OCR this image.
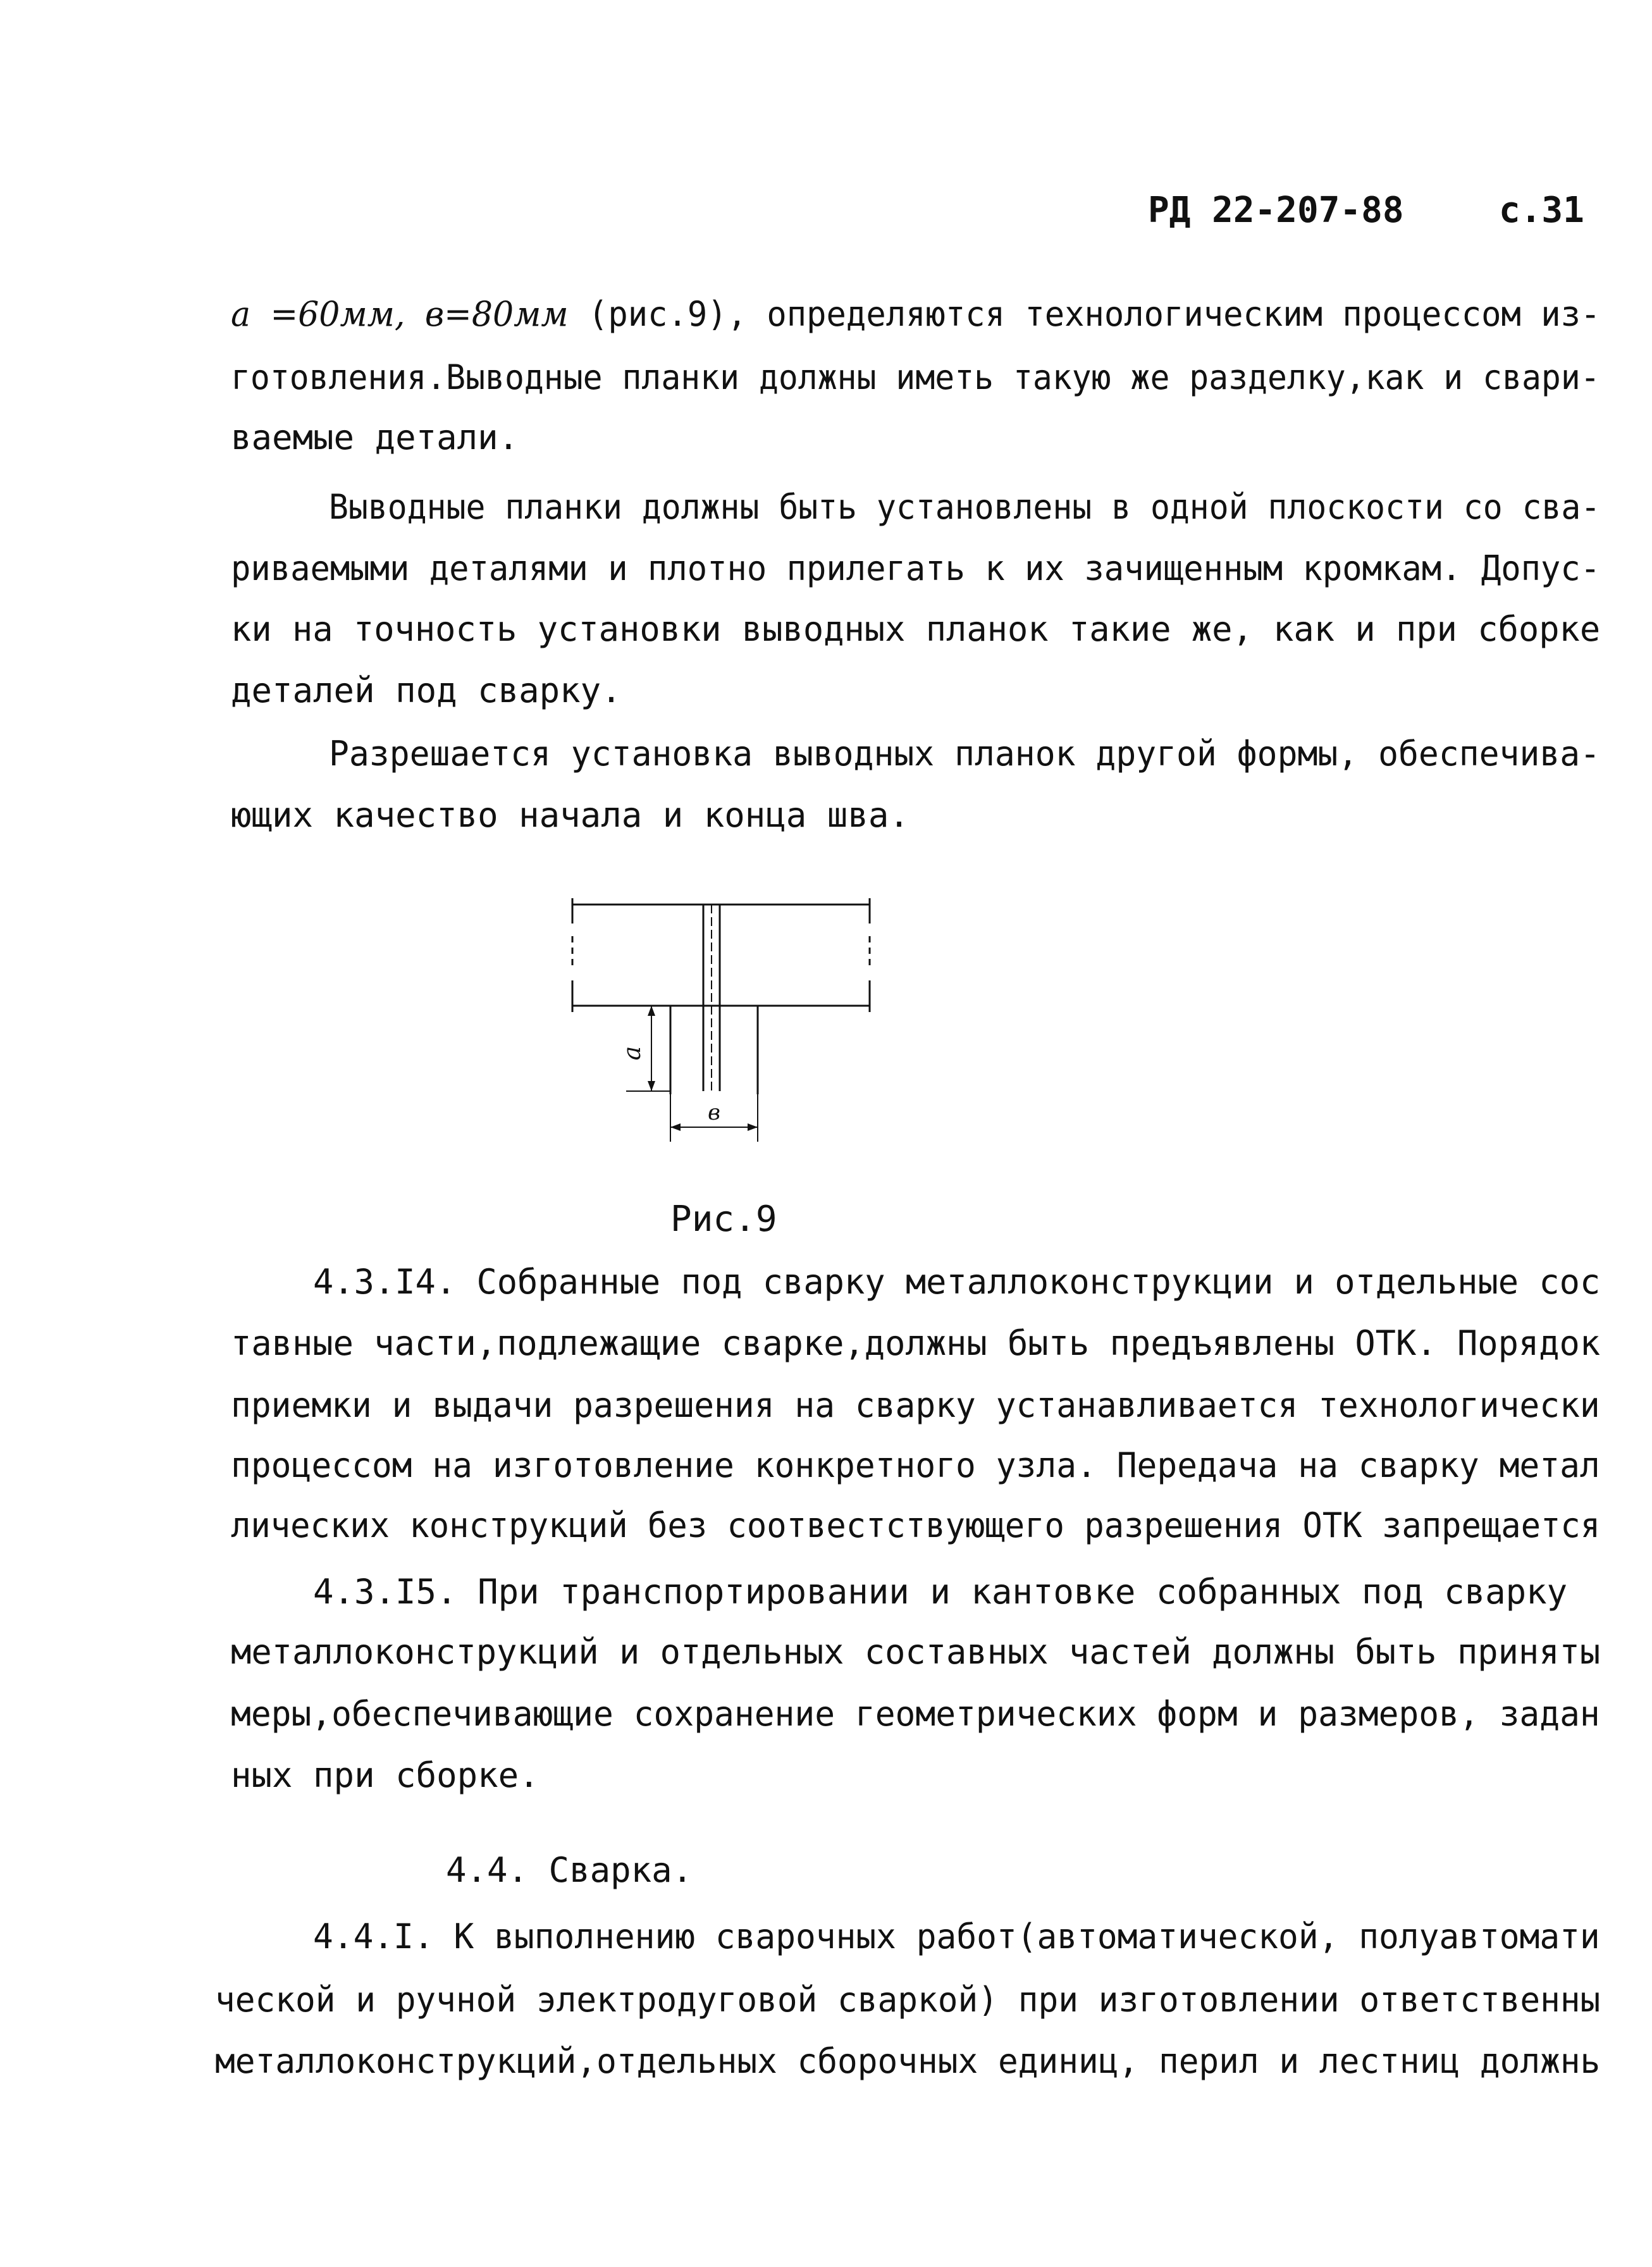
РД 22-207-88	с.31
a =60мм, в=80мм (рис.9), определяются технологическим процессом из-
готовления.Выводные планки должны иметь такую же разделку,как и свари-
ваемые детали.
Выводные планки должны быть установлены в одной плоскости со сва-
риваемыми деталями и плотно прилегать к их зачищенным кромкам. Допус-
ки на точность установки выводных планок такие же, как и при сборке
деталей под сварку.
Разрешается установка выводных планок другой формы, обеспечива-
ющих качество начала и конца шва.
a
в
Рис.9
4.3.I4. Собранные под сварку металлоконструкции и отдельные сос
тавные части,подлежащие сварке,должны быть предъявлены ОТК. Порядок
приемки и выдачи разрешения на сварку устанавливается технологически
процессом на изготовление конкретного узла. Передача на сварку метал
лических конструкций без соотвестствующего разрешения ОТК запрещается
4.3.I5. При транспортировании и кантовке собранных под сварку
металлоконструкций и отдельных составных частей должны быть приняты
меры,обеспечивающие сохранение геометрических форм и размеров, задан
ных при сборке.
4.4. Сварка.
4.4.I. К выполнению сварочных работ(автоматической, полуавтомати
ческой и ручной электродуговой сваркой) при изготовлении ответственны
металлоконструкций,отдельных сборочных единиц, перил и лестниц должнь
